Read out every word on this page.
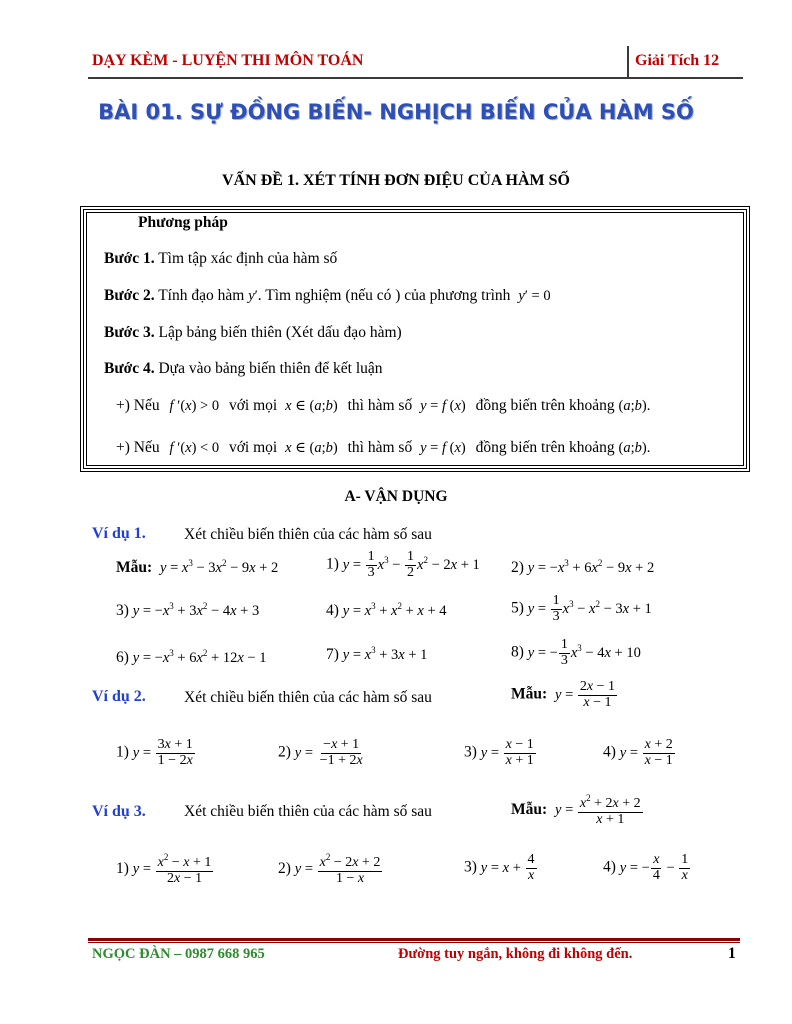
DẠY KÈM - LUYỆN THI MÔN TOÁN	Giải Tích 12
BÀI 01. SỰ ĐỒNG BIẾN- NGHỊCH BIẾN CỦA HÀM SỐ
VẤN ĐỀ 1. XÉT TÍNH ĐƠN ĐIỆU CỦA HÀM SỐ
Phương pháp
Bước 1. Tìm tập xác định của hàm số
Bước 2. Tính đạo hàm y′. Tìm nghiệm (nếu có ) của phương trình y′ = 0
Bước 3. Lập bảng biến thiên (Xét dấu đạo hàm)
Bước 4. Dựa vào bảng biến thiên để kết luận
+) Nếu f ′(x) > 0 với mọi x ∈ (a;b) thì hàm số y = f (x) đồng biến trên khoảng (a;b).
+) Nếu f ′(x) < 0 với mọi x ∈ (a;b) thì hàm số y = f (x) đồng biến trên khoảng (a;b).
A- VẬN DỤNG
Ví dụ 1. Xét chiều biến thiên của các hàm số sau
Mẫu: $y = x^3 - 3x^2 - 9x + 2$	1) $y = \frac{1}{3} x^3 - \frac{1}{2} x^2 - 2x + 1$ 2) $y = -x^3 + 6x^2 - 9x + 2$
3) $y = -x^3 + 3x^2 - 4x + 3$	4) $y = x^3 + x^2 + x + 4$	5) $y = \frac{1}{3} x^3 - x^2 - 3x + 1$
6) $y = -x^3 + 6x^2 + 12x - 1$	7) $y = x^3 + 3x + 1$	8) y = − $\frac{1}{3} x^3 - 4x + 10$
Ví dụ 2. Xét chiều biến thiên của các hàm số sau	Mẫu: $y = \frac{2x - 1}{x - 1}$
1) $y = \frac{3x + 1}{1 - 2x}$	2) $y = \frac{-x + 1}{-1 + 2x}$	3) $y = \frac{x - 1}{x + 1}$	4) $y = \frac{x + 2}{x - 1}$
Ví dụ 3. Xét chiều biến thiên của các hàm số sau	Mẫu: $y = \frac{x^2 + 2x + 2}{x + 1}$
1) $y = \frac{x^2 - x + 1}{2x - 1}$	2) $y = \frac{x^2 - 2x + 2}{1 - x}$	3) $y = x + \frac{4}{x}$	4) y = − $\frac{x}{4} - \frac{1}{x}$
NGỌC ĐÀN – 0987 668 965	Đường tuy ngắn, không đi không đến.	1
